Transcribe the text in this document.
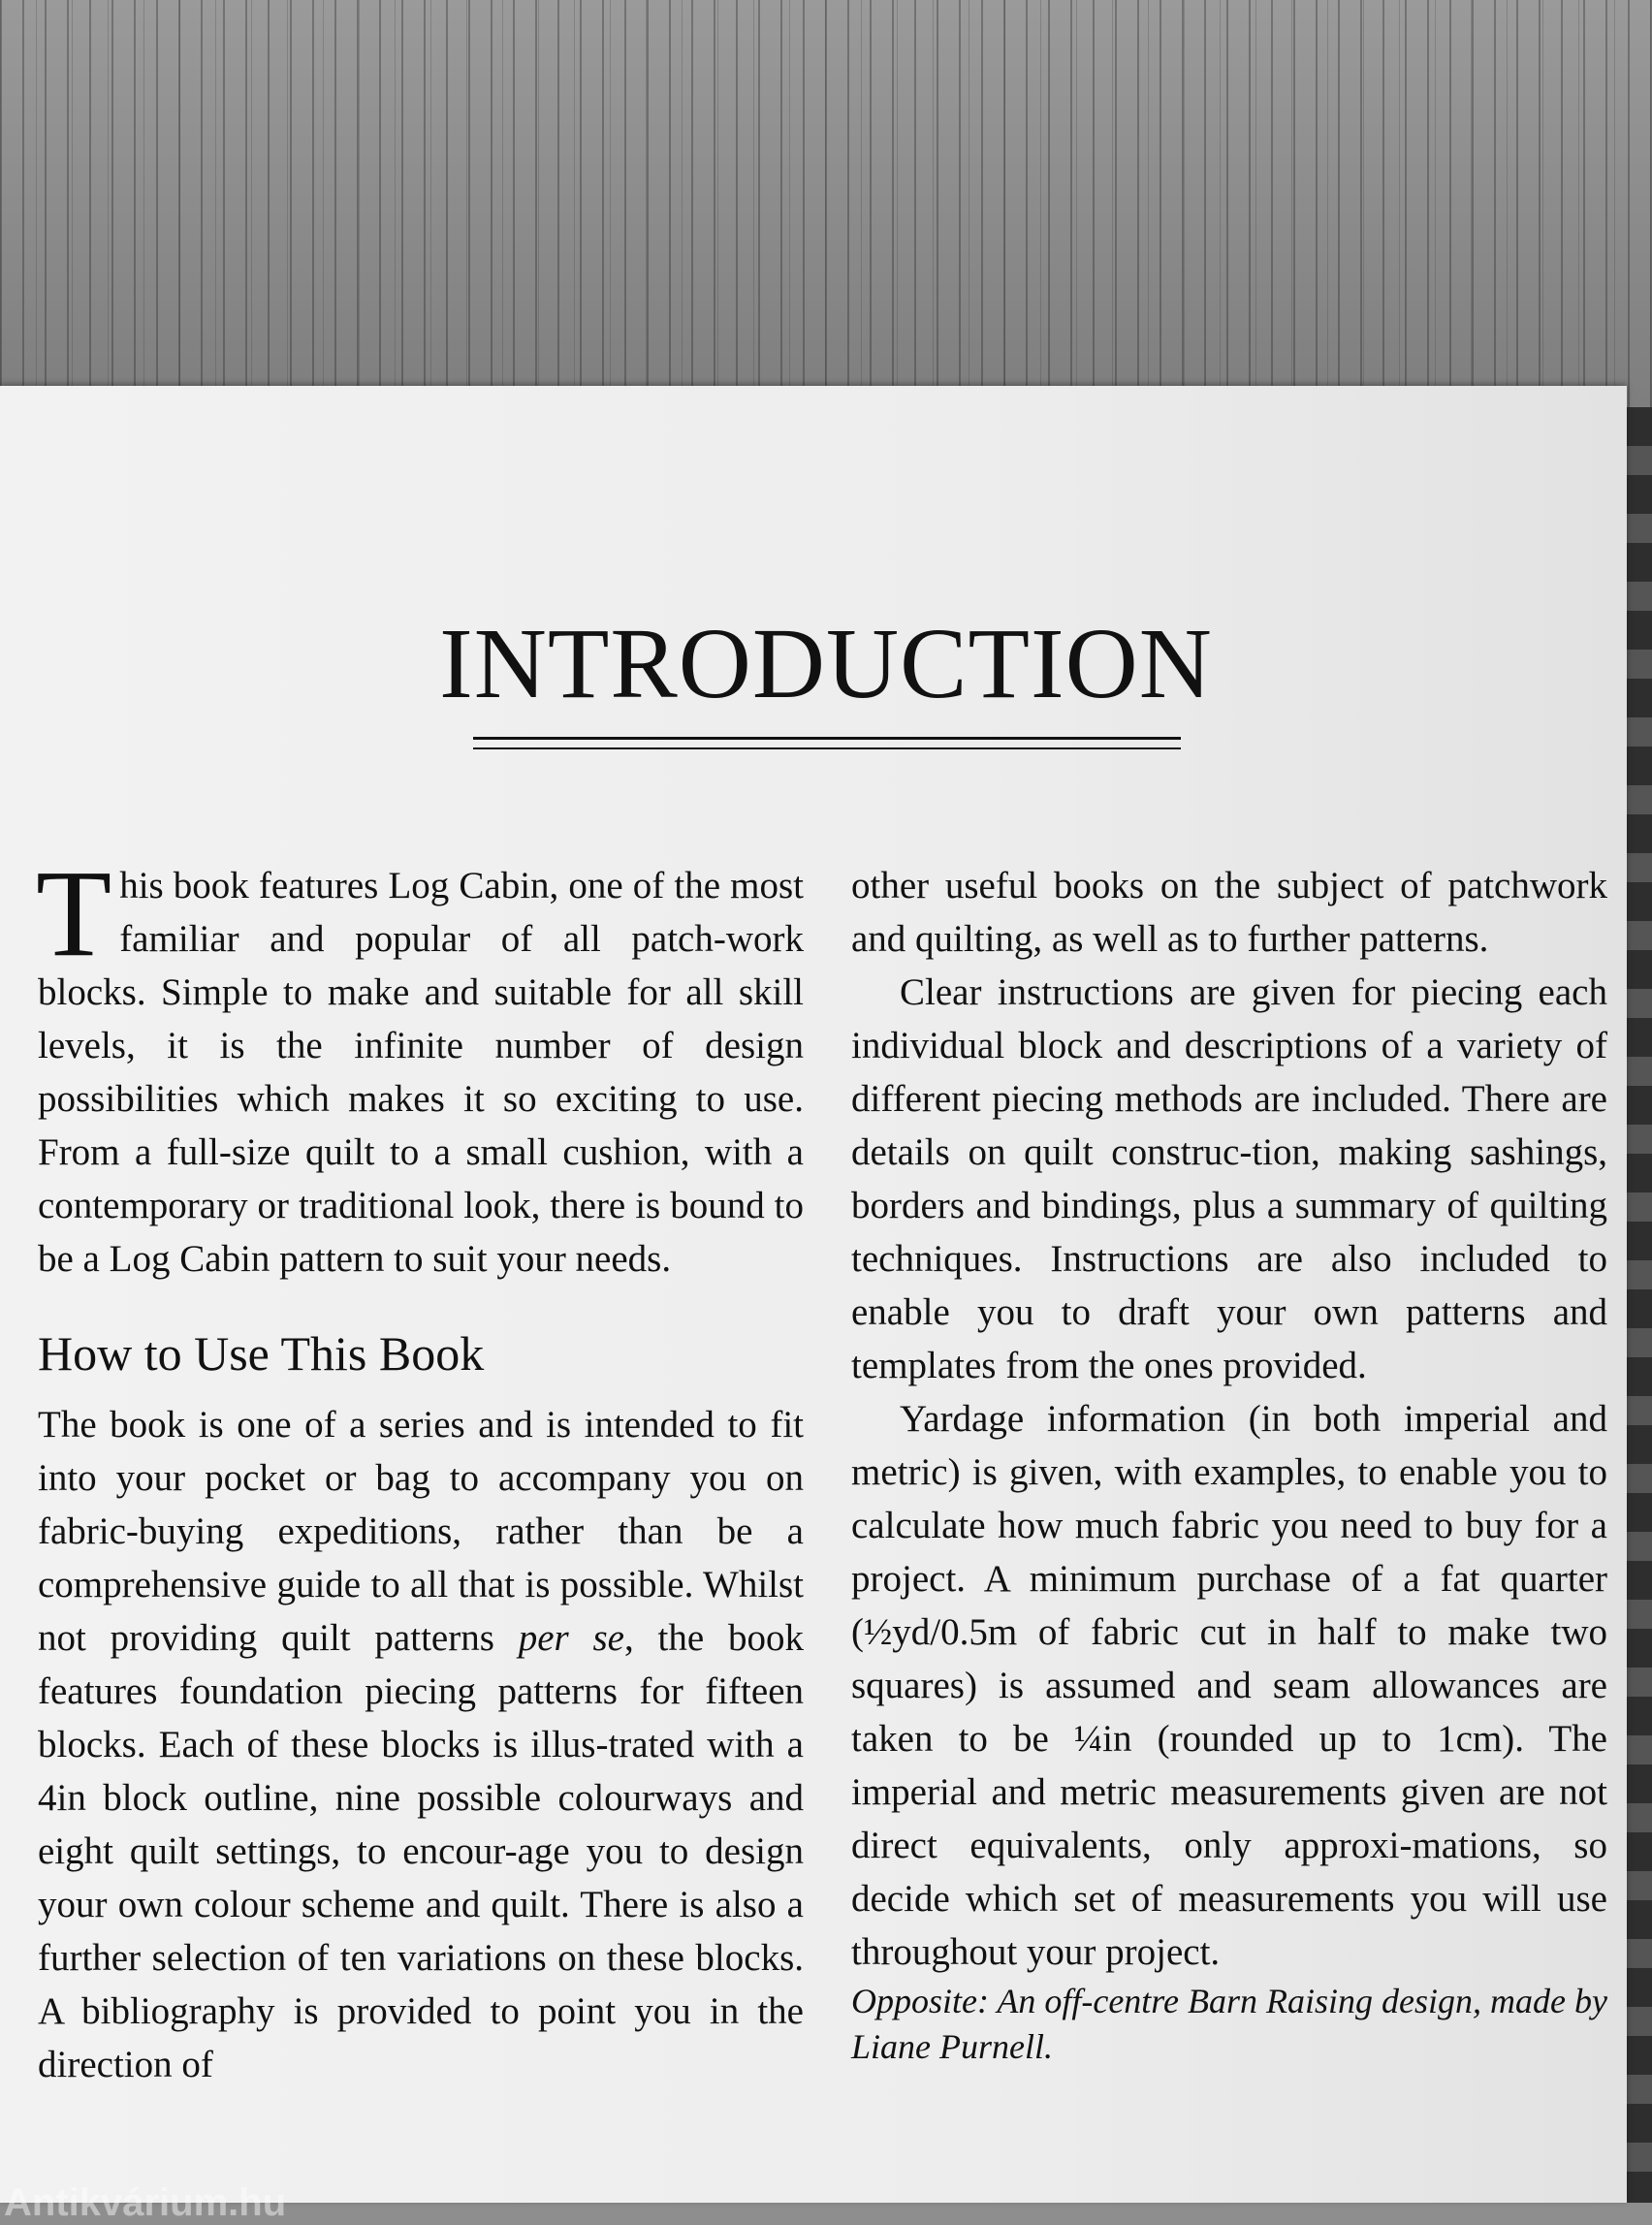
INTRODUCTION

This book features Log Cabin, one of the most familiar and popular of all patch-work blocks. Simple to make and suitable for all skill levels, it is the infinite number of design possibilities which makes it so exciting to use. From a full-size quilt to a small cushion, with a contemporary or traditional look, there is bound to be a Log Cabin pattern to suit your needs.

How to Use This Book

The book is one of a series and is intended to fit into your pocket or bag to accompany you on fabric-buying expeditions, rather than be a comprehensive guide to all that is possible. Whilst not providing quilt patterns per se, the book features foundation piecing patterns for fifteen blocks. Each of these blocks is illus-trated with a 4in block outline, nine possible colourways and eight quilt settings, to encour-age you to design your own colour scheme and quilt. There is also a further selection of ten variations on these blocks. A bibliography is provided to point you in the direction of

other useful books on the subject of patchwork and quilting, as well as to further patterns.

Clear instructions are given for piecing each individual block and descriptions of a variety of different piecing methods are included. There are details on quilt construc-tion, making sashings, borders and bindings, plus a summary of quilting techniques. Instructions are also included to enable you to draft your own patterns and templates from the ones provided.

Yardage information (in both imperial and metric) is given, with examples, to enable you to calculate how much fabric you need to buy for a project. A minimum purchase of a fat quarter (½yd/0.5m of fabric cut in half to make two squares) is assumed and seam allowances are taken to be ¼in (rounded up to 1cm). The imperial and metric measurements given are not direct equivalents, only approxi-mations, so decide which set of measurements you will use throughout your project.

Opposite: An off-centre Barn Raising design, made by Liane Purnell.

Antikvárium.hu
